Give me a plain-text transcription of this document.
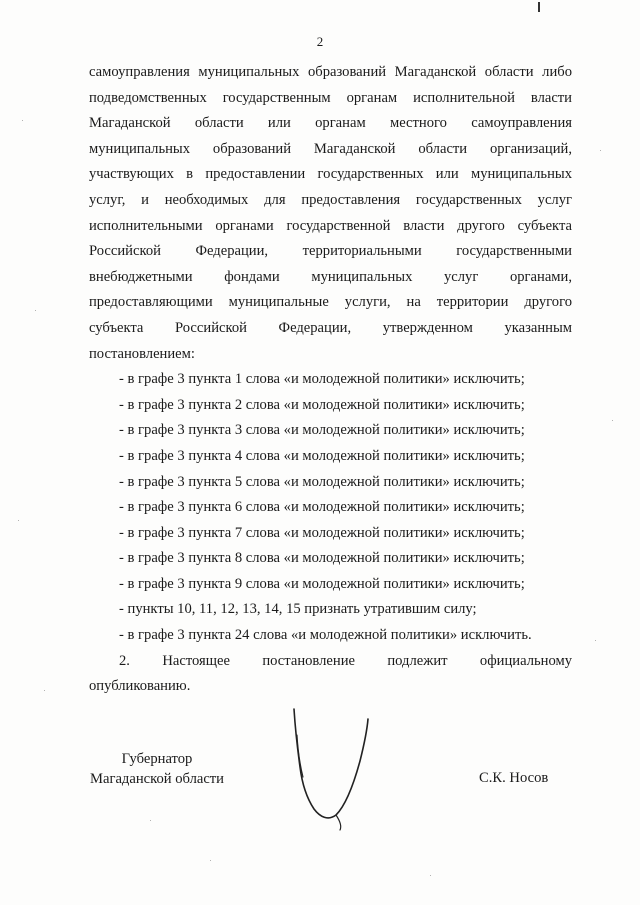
2
самоуправления муниципальных образований Магаданской области либо
подведомственных государственным органам исполнительной власти
Магаданской области или органам местного самоуправления
муниципальных образований Магаданской области организаций,
участвующих в предоставлении государственных или муниципальных
услуг, и необходимых для предоставления государственных услуг
исполнительными органами государственной власти другого субъекта
Российской Федерации, территориальными государственными
внебюджетными фондами муниципальных услуг органами,
предоставляющими муниципальные услуги, на территории другого
субъекта Российской Федерации, утвержденном указанным
постановлением:
- в графе 3 пункта 1 слова «и молодежной политики» исключить;
- в графе 3 пункта 2 слова «и молодежной политики» исключить;
- в графе 3 пункта 3 слова «и молодежной политики» исключить;
- в графе 3 пункта 4 слова «и молодежной политики» исключить;
- в графе 3 пункта 5 слова «и молодежной политики» исключить;
- в графе 3 пункта 6 слова «и молодежной политики» исключить;
- в графе 3 пункта 7 слова «и молодежной политики» исключить;
- в графе 3 пункта 8 слова «и молодежной политики» исключить;
- в графе 3 пункта 9 слова «и молодежной политики» исключить;
- пункты 10, 11, 12, 13, 14, 15 признать утратившим силу;
- в графе 3 пункта 24 слова «и молодежной политики» исключить.
2. Настоящее постановление подлежит официальному
опубликованию.
Губернатор
Магаданской области	С.К. Носов
